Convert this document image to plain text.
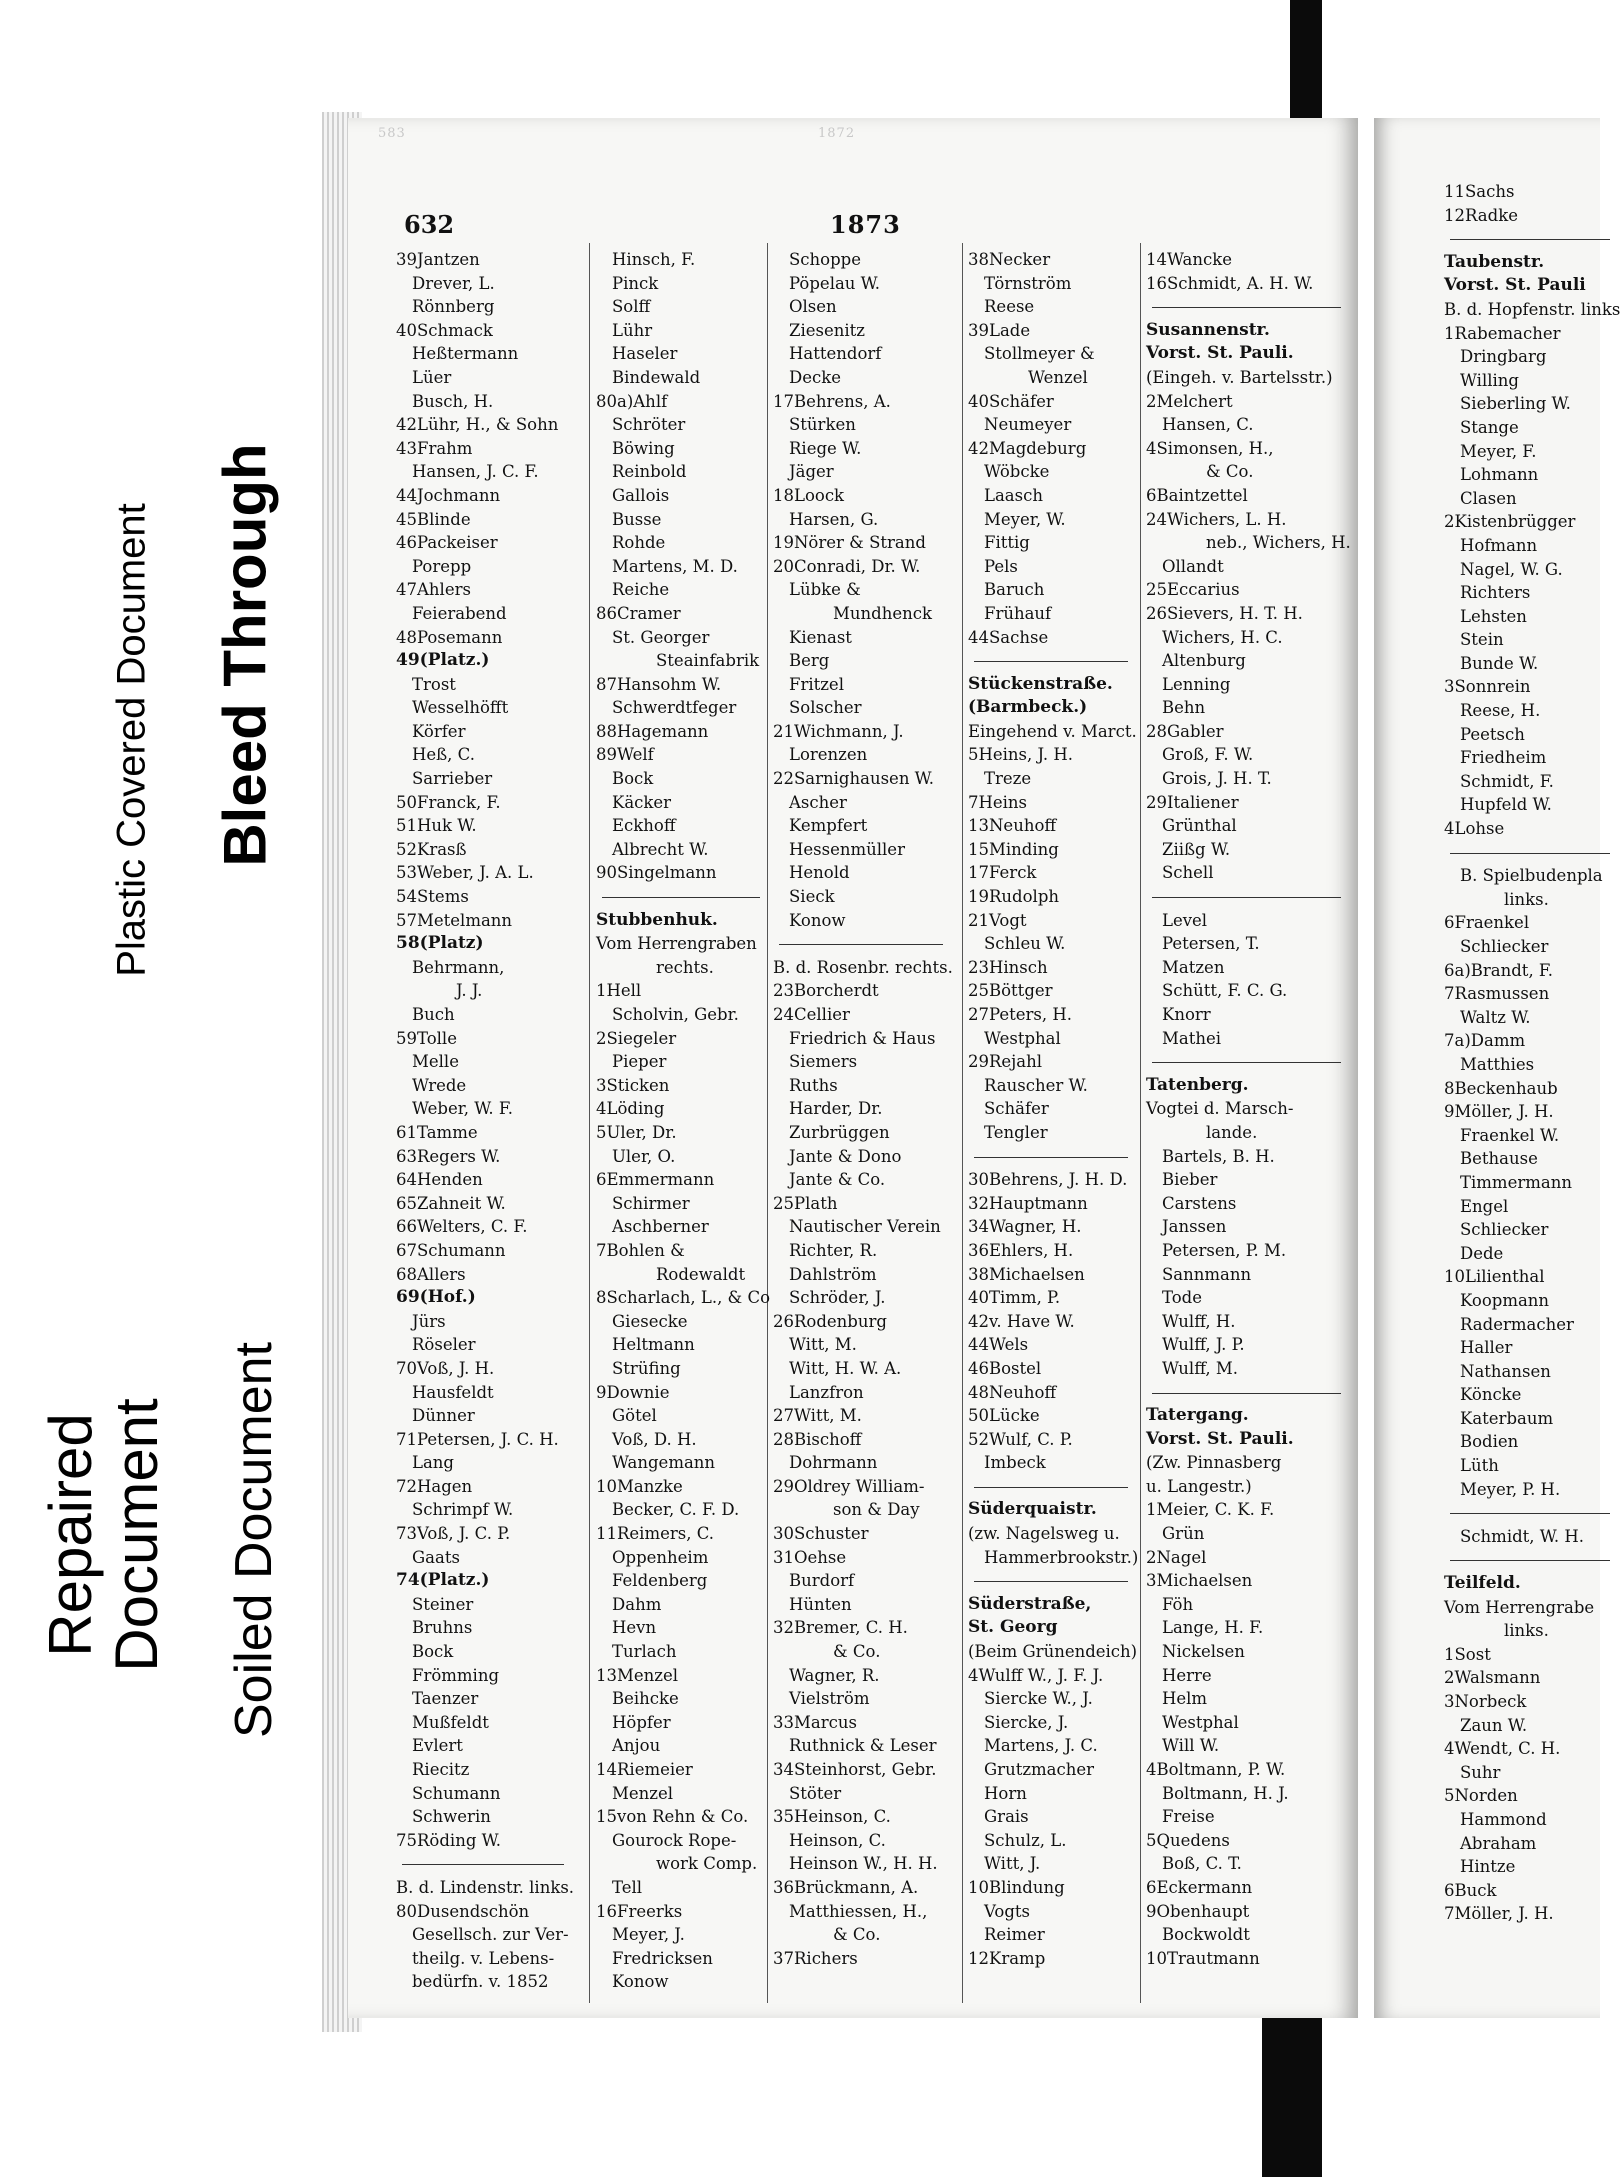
583	1872
632	1873
39Jantzen
Drever, L.
Rönnberg
40Schmack
Heßtermann
Lüer
Busch, H.
42Lühr, H., & Sohn
43Frahm
Hansen, J. C. F.
44Jochmann
45Blinde
46Packeiser
Porepp
47Ahlers
Feierabend
48Posemann
49(Platz.)
Trost
Wesselhöfft
Körfer
Heß, C.
Sarrieber
50Franck, F.
51Huk W.
52Krasß
53Weber, J. A. L.
54Stems
57Metelmann
58(Platz)
Behrmann,
J. J.
Buch
59Tolle
Melle
Wrede
Weber, W. F.
61Tamme
63Regers W.
64Henden
65Zahneit W.
66Welters, C. F.
67Schumann
68Allers
69(Hof.)
Jürs
Röseler
70Voß, J. H.
Hausfeldt
Dünner
71Petersen, J. C. H.
Lang
72Hagen
Schrimpf W.
73Voß, J. C. P.
Gaats
74(Platz.)
Steiner
Bruhns
Bock
Frömming
Taenzer
Mußfeldt
Evlert
Riecitz
Schumann
Schwerin
75Röding W.
B. d. Lindenstr. links.
80Dusendschön
Gesellsch. zur Ver-
theilg. v. Lebens-
bedürfn. v. 1852
Hinsch, F.
Pinck
Solff
Lühr
Haseler
Bindewald
80a)Ahlf
Schröter
Böwing
Reinbold
Gallois
Busse
Rohde
Martens, M. D.
Reiche
86Cramer
St. Georger
Steainfabrik
87Hansohm W.
Schwerdtfeger
88Hagemann
89Welf
Bock
Käcker
Eckhoff
Albrecht W.
90Singelmann
Stubbenhuk.
Vom Herrengraben
rechts.
1Hell
Scholvin, Gebr.
2Siegeler
Pieper
3Sticken
4Löding
5Uler, Dr.
Uler, O.
6Emmermann
Schirmer
Aschberner
7Bohlen &
Rodewaldt
8Scharlach, L., & Co
Giesecke
Heltmann
Strüfing
9Downie
Götel
Voß, D. H.
Wangemann
10Manzke
Becker, C. F. D.
11Reimers, C.
Oppenheim
Feldenberg
Dahm
Hevn
Turlach
13Menzel
Beihcke
Höpfer
Anjou
14Riemeier
Menzel
15von Rehn & Co.
Gourock Rope-
work Comp.
Tell
16Freerks
Meyer, J.
Fredricksen
Konow
Schoppe
Pöpelau W.
Olsen
Ziesenitz
Hattendorf
Decke
17Behrens, A.
Stürken
Riege W.
Jäger
18Loock
Harsen, G.
19Nörer & Strand
20Conradi, Dr. W.
Lübke &
Mundhenck
Kienast
Berg
Fritzel
Solscher
21Wichmann, J.
Lorenzen
22Sarnighausen W.
Ascher
Kempfert
Hessenmüller
Henold
Sieck
Konow
B. d. Rosenbr. rechts.
23Borcherdt
24Cellier
Friedrich & Haus
Siemers
Ruths
Harder, Dr.
Zurbrüggen
Jante & Dono
Jante & Co.
25Plath
Nautischer Verein
Richter, R.
Dahlström
Schröder, J.
26Rodenburg
Witt, M.
Witt, H. W. A.
Lanzfron
27Witt, M.
28Bischoff
Dohrmann
29Oldrey William-
son & Day
30Schuster
31Oehse
Burdorf
Hünten
32Bremer, C. H.
& Co.
Wagner, R.
Vielström
33Marcus
Ruthnick & Leser
34Steinhorst, Gebr.
Stöter
35Heinson, C.
Heinson, C.
Heinson W., H. H.
36Brückmann, A.
Matthiessen, H.,
& Co.
37Richers
38Necker
Törnström
Reese
39Lade
Stollmeyer &
Wenzel
40Schäfer
Neumeyer
42Magdeburg
Wöbcke
Laasch
Meyer, W.
Fittig
Pels
Baruch
Frühauf
44Sachse
Stückenstraße.
(Barmbeck.)
Eingehend v. Marct.
5Heins, J. H.
Treze
7Heins
13Neuhoff
15Minding
17Ferck
19Rudolph
21Vogt
Schleu W.
23Hinsch
25Böttger
27Peters, H.
Westphal
29Rejahl
Rauscher W.
Schäfer
Tengler
30Behrens, J. H. D.
32Hauptmann
34Wagner, H.
36Ehlers, H.
38Michaelsen
40Timm, P.
42v. Have W.
44Wels
46Bostel
48Neuhoff
50Lücke
52Wulf, C. P.
Imbeck
Süderquaistr.
(zw. Nagelsweg u.
Hammerbrookstr.)
Süderstraße,
St. Georg
(Beim Grünendeich)
4Wulff W., J. F. J.
Siercke W., J.
Siercke, J.
Martens, J. C.
Grutzmacher
Horn
Grais
Schulz, L.
Witt, J.
10Blindung
Vogts
Reimer
12Kramp
14Wancke
16Schmidt, A. H. W.
Susannenstr.
Vorst. St. Pauli.
(Eingeh. v. Bartelsstr.)
2Melchert
Hansen, C.
4Simonsen, H.,
& Co.
6Baintzettel
24Wichers, L. H.
neb., Wichers, H.
Ollandt
25Eccarius
26Sievers, H. T. H.
Wichers, H. C.
Altenburg
Lenning
Behn
28Gabler
Groß, F. W.
Grois, J. H. T.
29Italiener
Grünthal
Ziißg W.
Schell
Level
Petersen, T.
Matzen
Schütt, F. C. G.
Knorr
Mathei
Tatenberg.
Vogtei d. Marsch-
lande.
Bartels, B. H.
Bieber
Carstens
Janssen
Petersen, P. M.
Sannmann
Tode
Wulff, H.
Wulff, J. P.
Wulff, M.
Tatergang.
Vorst. St. Pauli.
(Zw. Pinnasberg
u. Langestr.)
1Meier, C. K. F.
Grün
2Nagel
3Michaelsen
Föh
Lange, H. F.
Nickelsen
Herre
Helm
Westphal
Will W.
4Boltmann, P. W.
Boltmann, H. J.
Freise
5Quedens
Boß, C. T.
6Eckermann
9Obenhaupt
Bockwoldt
10Trautmann
11Sachs
12Radke
Taubenstr.
Vorst. St. Pauli
B. d. Hopfenstr. links
1Rabemacher
Dringbarg
Willing
Sieberling W.
Stange
Meyer, F.
Lohmann
Clasen
2Kistenbrügger
Hofmann
Nagel, W. G.
Richters
Lehsten
Stein
Bunde W.
3Sonnrein
Reese, H.
Peetsch
Friedheim
Schmidt, F.
Hupfeld W.
4Lohse
B. Spielbudenpla
links.
6Fraenkel
Schliecker
6a)Brandt, F.
7Rasmussen
Waltz W.
7a)Damm
Matthies
8Beckenhaub
9Möller, J. H.
Fraenkel W.
Bethause
Timmermann
Engel
Schliecker
Dede
10Lilienthal
Koopmann
Radermacher
Haller
Nathansen
Köncke
Katerbaum
Bodien
Lüth
Meyer, P. H.
Schmidt, W. H.
Teilfeld.
Vom Herrengrabe
links.
1Sost
2Walsmann
3Norbeck
Zaun W.
4Wendt, C. H.
Suhr
5Norden
Hammond
Abraham
Hintze
6Buck
7Möller, J. H.
Plastic Covered Document Bleed Through
Repaired Document Soiled Document
